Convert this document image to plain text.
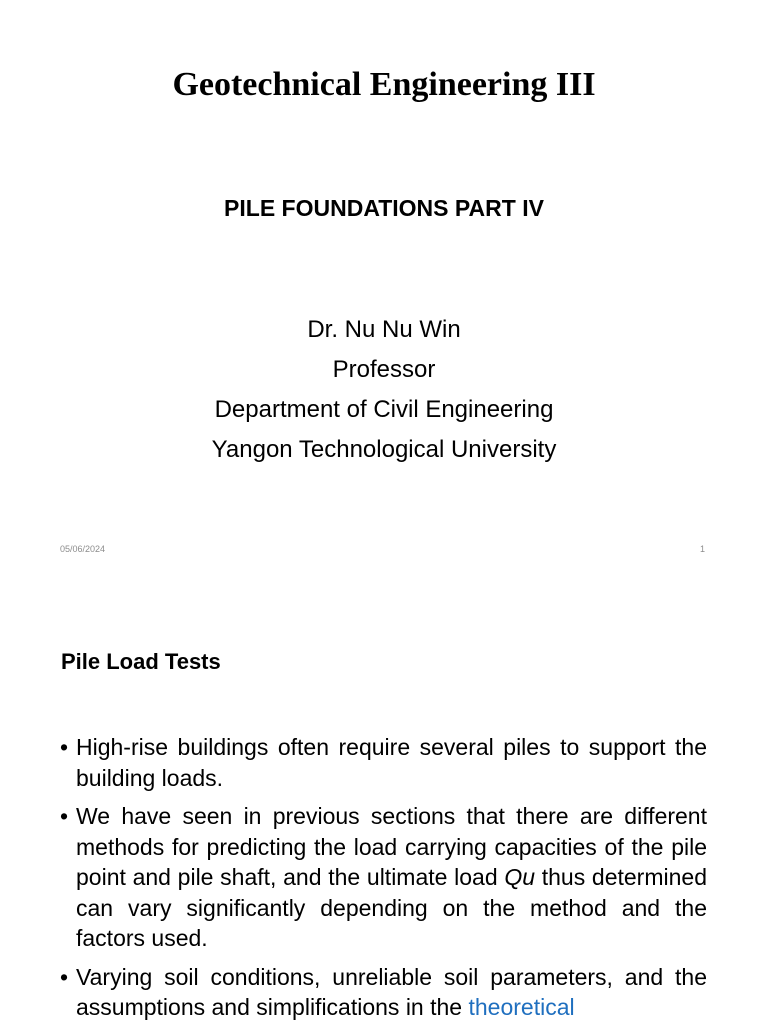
Geotechnical Engineering III
PILE FOUNDATIONS PART IV
Dr. Nu Nu Win
Professor
Department of Civil Engineering
Yangon Technological University
05/06/2024	1
Pile Load Tests
• High-rise buildings often require several piles to support the building loads.
• We have seen in previous sections that there are different methods for predicting the load carrying capacities of the pile point and pile shaft, and the ultimate load Qu thus determined can vary significantly depending on the method and the factors used.
• Varying soil conditions, unreliable soil parameters, and the assumptions and simplifications in the theoretical
